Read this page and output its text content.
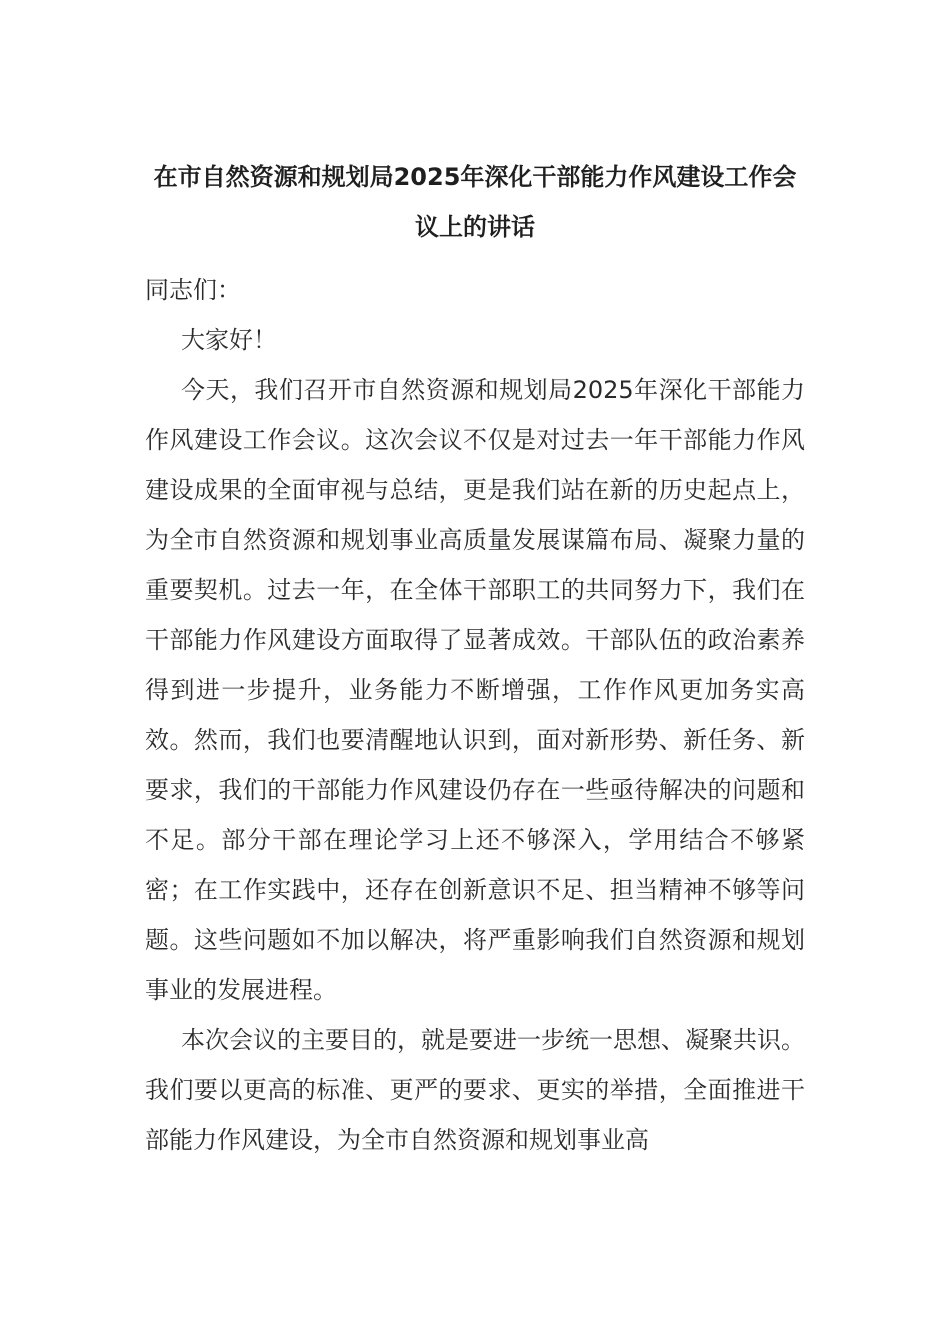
在市自然资源和规划局2025年深化干部能力作风建设工作会议上的讲话

同志们：

大家好！

今天，我们召开市自然资源和规划局2025年深化干部能力作风建设工作会议。这次会议不仅是对过去一年干部能力作风建设成果的全面审视与总结，更是我们站在新的历史起点上，为全市自然资源和规划事业高质量发展谋篇布局、凝聚力量的重要契机。过去一年，在全体干部职工的共同努力下，我们在干部能力作风建设方面取得了显著成效。干部队伍的政治素养得到进一步提升，业务能力不断增强，工作作风更加务实高效。然而，我们也要清醒地认识到，面对新形势、新任务、新要求，我们的干部能力作风建设仍存在一些亟待解决的问题和不足。部分干部在理论学习上还不够深入，学用结合不够紧密；在工作实践中，还存在创新意识不足、担当精神不够等问题。这些问题如不加以解决，将严重影响我们自然资源和规划事业的发展进程。

本次会议的主要目的，就是要进一步统一思想、凝聚共识。我们要以更高的标准、更严的要求、更实的举措，全面推进干部能力作风建设，为全市自然资源和规划事业高
